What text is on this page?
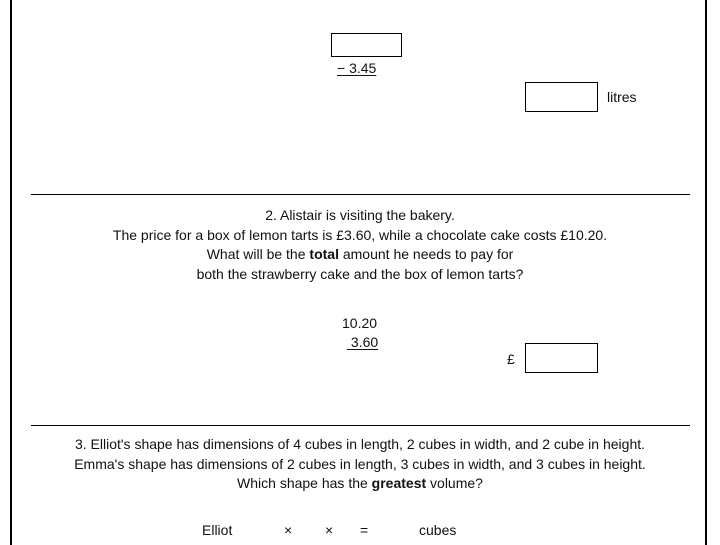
− 3.45
litres
2. Alistair is visiting the bakery.
The price for a box of lemon tarts is £3.60, while a chocolate cake costs £10.20.
What will be the total amount he needs to pay for
both the strawberry cake and the box of lemon tarts?
10.20
3.60
£
3. Elliot's shape has dimensions of 4 cubes in length, 2 cubes in width, and 2 cube in height.
Emma's shape has dimensions of 2 cubes in length, 3 cubes in width, and 3 cubes in height.
Which shape has the greatest volume?
Elliot	× × =	cubes
